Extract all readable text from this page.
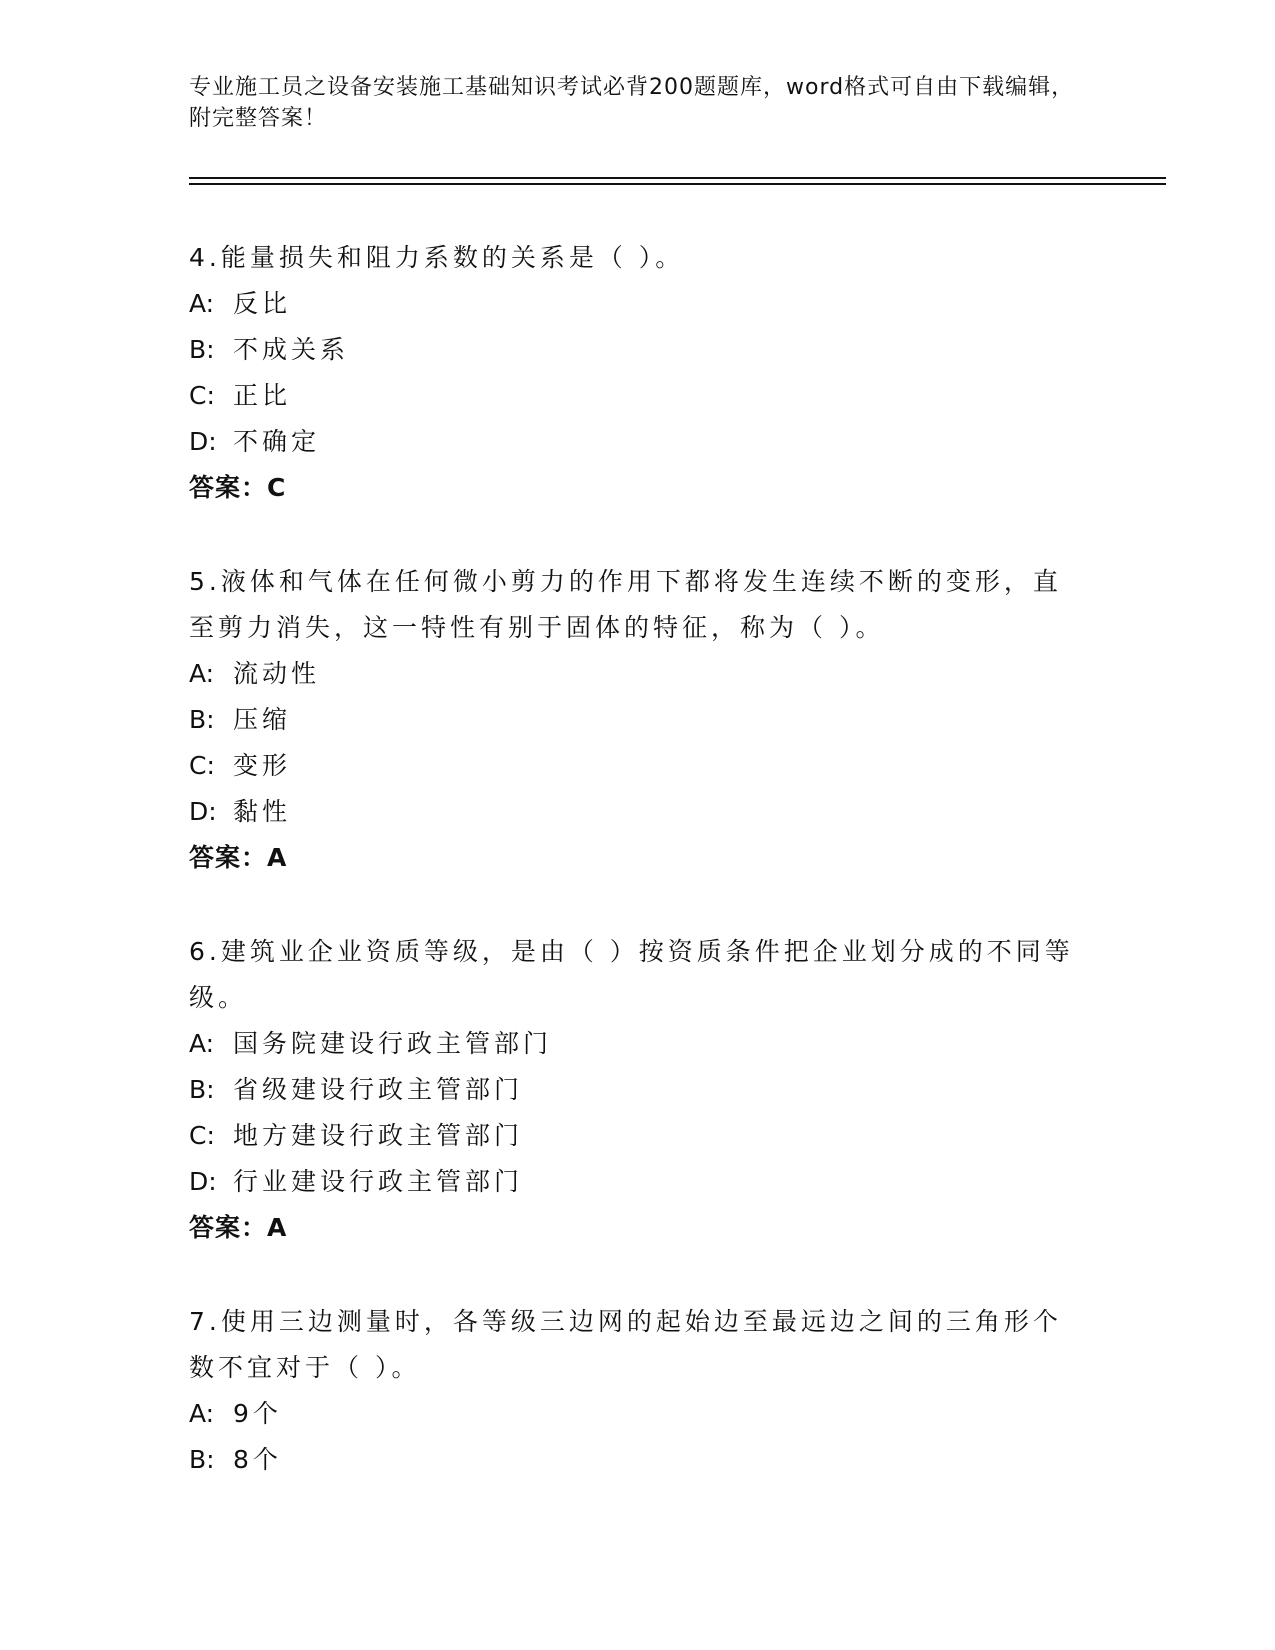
专业施工员之设备安装施工基础知识考试必背200题题库，word格式可自由下载编辑，附完整答案！
4.能量损失和阻力系数的关系是（ ）。
A: 反比
B: 不成关系
C: 正比
D: 不确定
答案：C
5.液体和气体在任何微小剪力的作用下都将发生连续不断的变形，直至剪力消失，这一特性有别于固体的特征，称为（ ）。
A: 流动性
B: 压缩
C: 变形
D: 黏性
答案：A
6.建筑业企业资质等级，是由（ ）按资质条件把企业划分成的不同等级。
A: 国务院建设行政主管部门
B: 省级建设行政主管部门
C: 地方建设行政主管部门
D: 行业建设行政主管部门
答案：A
7.使用三边测量时，各等级三边网的起始边至最远边之间的三角形个数不宜对于（ ）。
A: 9个
B: 8个
